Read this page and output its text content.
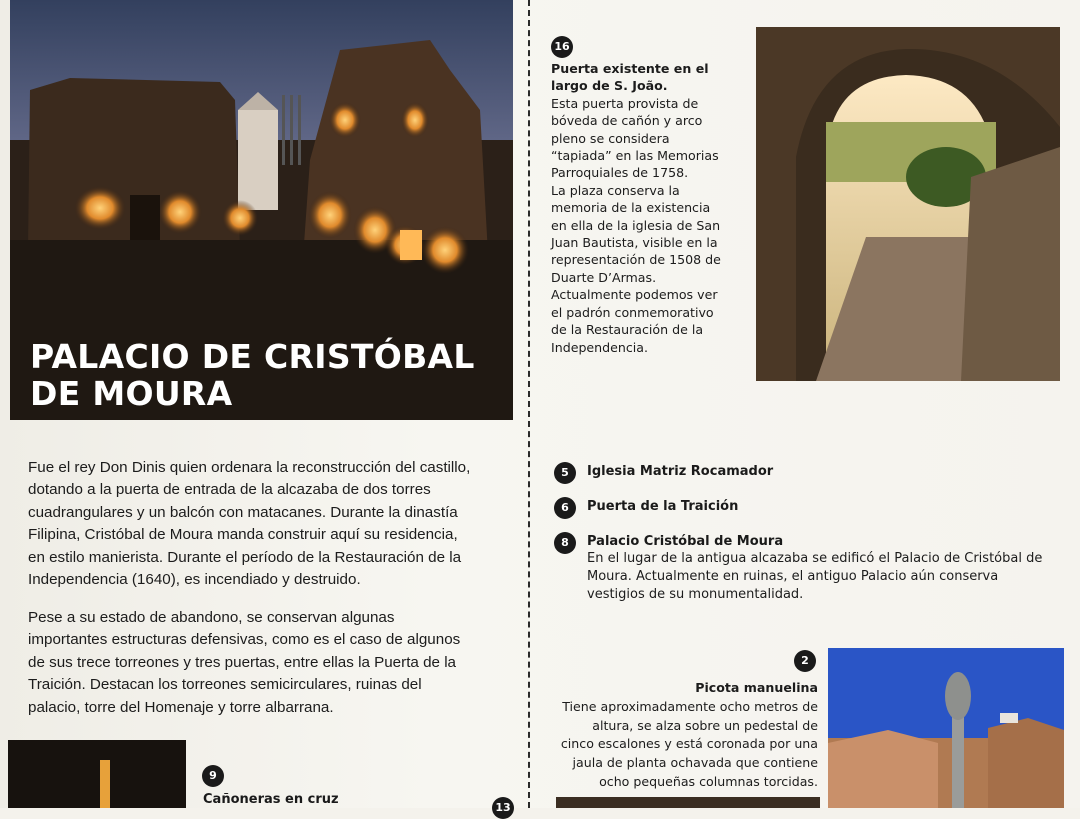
PALACIO DE CRISTÓBAL
DE MOURA

Fue el rey Don Dinis quien ordenara la reconstrucción del castillo,
dotando a la puerta de entrada de la alcazaba de dos torres
cuadrangulares y un balcón con matacanes. Durante la dinastía
Filipina, Cristóbal de Moura manda construir aquí su residencia,
en estilo manierista. Durante el período de la Restauración de la
Independencia (1640), es incendiado y destruido.

Pese a su estado de abandono, se conservan algunas
importantes estructuras defensivas, como es el caso de algunos
de sus trece torreones y tres puertas, entre ellas la Puerta de la
Traición. Destacan los torreones semicirculares, ruinas del
palacio, torre del Homenaje y torre albarrana.

9
Cañoneras en cruz
13
16
Puerta existente en el
largo de S. João.
Esta puerta provista de
bóveda de cañón y arco
pleno se considera
“tapiada” en las Memorias
Parroquiales de 1758.
La plaza conserva la
memoria de la existencia
en ella de la iglesia de San
Juan Bautista, visible en la
representación de 1508 de
Duarte D’Armas.
Actualmente podemos ver
el padrón conmemorativo
de la Restauración de la
Independencia.
5	Iglesia Matriz Rocamador
6	Puerta de la Traición
8	Palacio Cristóbal de Moura

En el lugar de la antigua alcazaba se edificó el Palacio de Cristóbal de
Moura. Actualmente en ruinas, el antiguo Palacio aún conserva
vestigios de su monumentalidad.

2
Picota manuelina
Tiene aproximadamente ocho metros de
altura, se alza sobre un pedestal de
cinco escalones y está coronada por una
jaula de planta ochavada que contiene
ocho pequeñas columnas torcidas.
